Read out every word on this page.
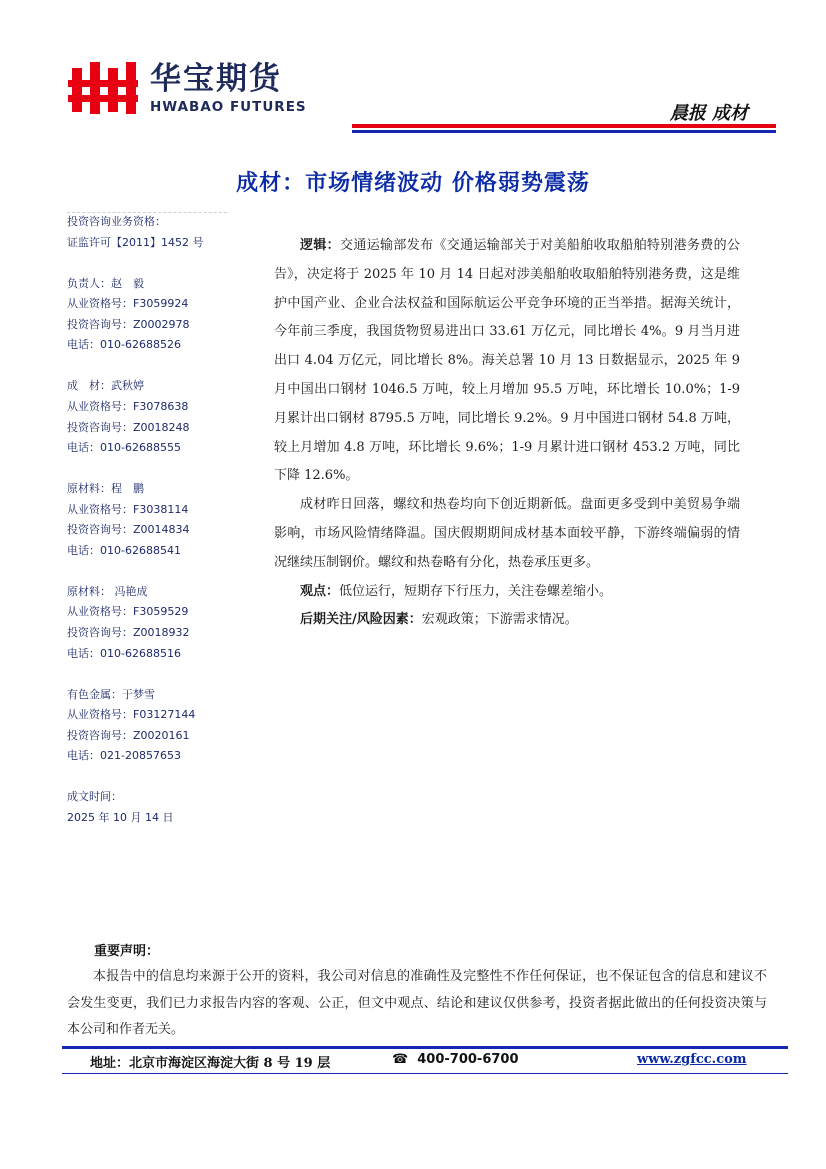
华宝期货
HWABAO FUTURES	晨报 成材
成材：市场情绪波动 价格弱势震荡
投资咨询业务资格：
证监许可【2011】1452 号
负责人：赵　毅
从业资格号：F3059924
投资咨询号：Z0002978
电话：010-62688526
成　材：武秋婷
从业资格号：F3078638
投资咨询号：Z0018248
电话：010-62688555
原材料：程　鹏
从业资格号：F3038114
投资咨询号：Z0014834
电话：010-62688541
原材料： 冯艳成
从业资格号：F3059529
投资咨询号：Z0018932
电话：010-62688516
有色金属：于梦雪
从业资格号：F03127144
投资咨询号：Z0020161
电话：021-20857653
成文时间：
2025 年 10 月 14 日

逻辑：交通运输部发布《交通运输部关于对美船舶收取船舶特别港务费的公告》，决定将于 2025 年 10 月 14 日起对涉美船舶收取船舶特别港务费，这是维护中国产业、企业合法权益和国际航运公平竞争环境的正当举措。据海关统计，今年前三季度，我国货物贸易进出口 33.61 万亿元，同比增长 4%。9 月当月进出口 4.04 万亿元，同比增长 8%。海关总署 10 月 13 日数据显示，2025 年 9 月中国出口钢材 1046.5 万吨，较上月增加 95.5 万吨，环比增长 10.0%；1-9 月累计出口钢材 8795.5 万吨，同比增长 9.2%。9 月中国进口钢材 54.8 万吨，较上月增加 4.8 万吨，环比增长 9.6%；1-9 月累计进口钢材 453.2 万吨，同比下降 12.6%。

成材昨日回落，螺纹和热卷均向下创近期新低。盘面更多受到中美贸易争端影响，市场风险情绪降温。国庆假期期间成材基本面较平静，下游终端偏弱的情况继续压制钢价。螺纹和热卷略有分化，热卷承压更多。

观点：低位运行，短期存下行压力，关注卷螺差缩小。

后期关注/风险因素：宏观政策；下游需求情况。

重要声明：
本报告中的信息均来源于公开的资料，我公司对信息的准确性及完整性不作任何保证，也不保证包含的信息和建议不会发生变更，我们已力求报告内容的客观、公正，但文中观点、结论和建议仅供参考，投资者据此做出的任何投资决策与本公司和作者无关。
地址：北京市海淀区海淀大街 8 号 19 层	☎ 400-700-6700	www.zgfcc.com
